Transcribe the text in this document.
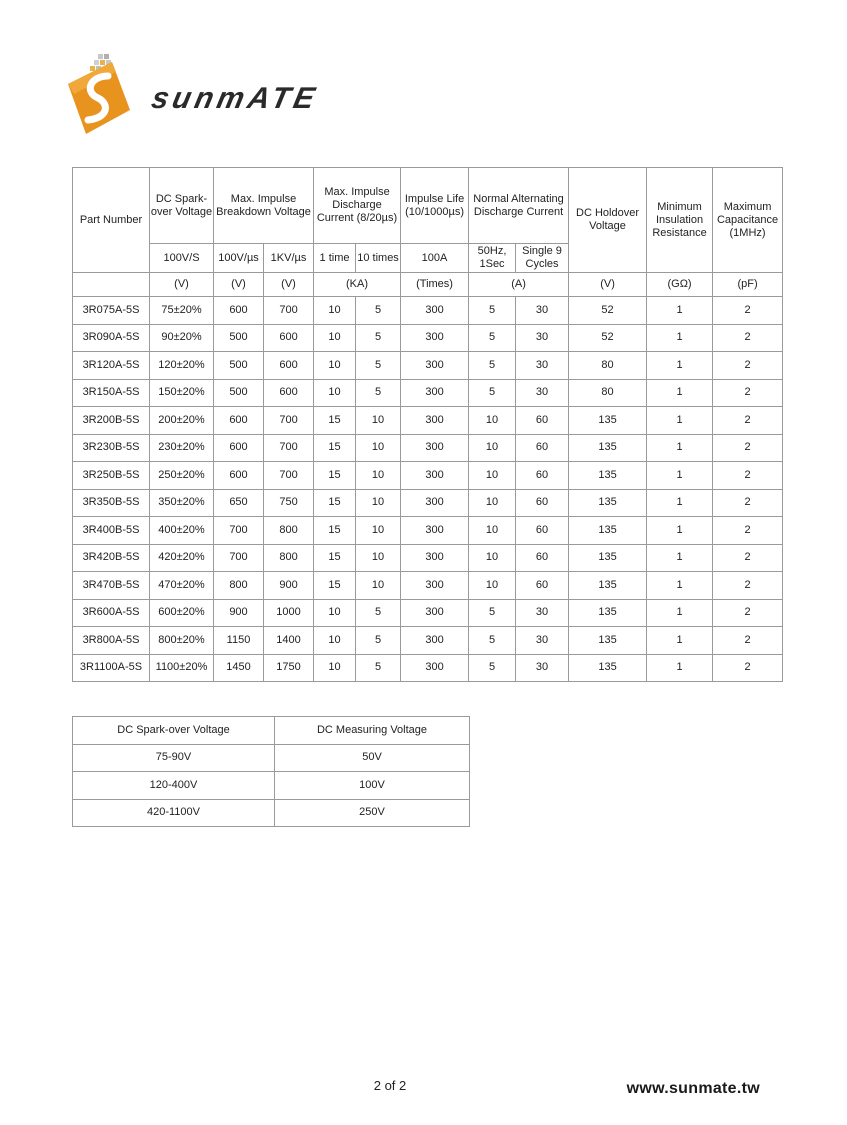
sunmATE
Part Number	DC Spark-over Voltage	Max. Impulse Breakdown Voltage		Max. Impulse Discharge Current (8/20µs)		Impulse Life (10/1000µs)	Normal Alternating Discharge Current		DC Holdover Voltage	Minimum Insulation Resistance	Maximum Capacitance (1MHz)
	100V/S	100V/µs	1KV/µs	1 time	10 times	100A	50Hz, 1Sec	Single 9 Cycles			
	(V)	(V)	(V)	(KA)		(Times)	(A)		(V)	(GΩ)	(pF)
3R075A-5S	75±20%	600	700	10	5	300	5	30	52	1	2
3R090A-5S	90±20%	500	600	10	5	300	5	30	52	1	2
3R120A-5S	120±20%	500	600	10	5	300	5	30	80	1	2
3R150A-5S	150±20%	500	600	10	5	300	5	30	80	1	2
3R200B-5S	200±20%	600	700	15	10	300	10	60	135	1	2
3R230B-5S	230±20%	600	700	15	10	300	10	60	135	1	2
3R250B-5S	250±20%	600	700	15	10	300	10	60	135	1	2
3R350B-5S	350±20%	650	750	15	10	300	10	60	135	1	2
3R400B-5S	400±20%	700	800	15	10	300	10	60	135	1	2
3R420B-5S	420±20%	700	800	15	10	300	10	60	135	1	2
3R470B-5S	470±20%	800	900	15	10	300	10	60	135	1	2
3R600A-5S	600±20%	900	1000	10	5	300	5	30	135	1	2
3R800A-5S	800±20%	1150	1400	10	5	300	5	30	135	1	2
3R1100A-5S	1100±20%	1450	1750	10	5	300	5	30	135	1	2
DC Spark-over Voltage	DC Measuring Voltage
75-90V	50V
120-400V	100V
420-1100V	250V
2 of 2	www.sunmate.tw
